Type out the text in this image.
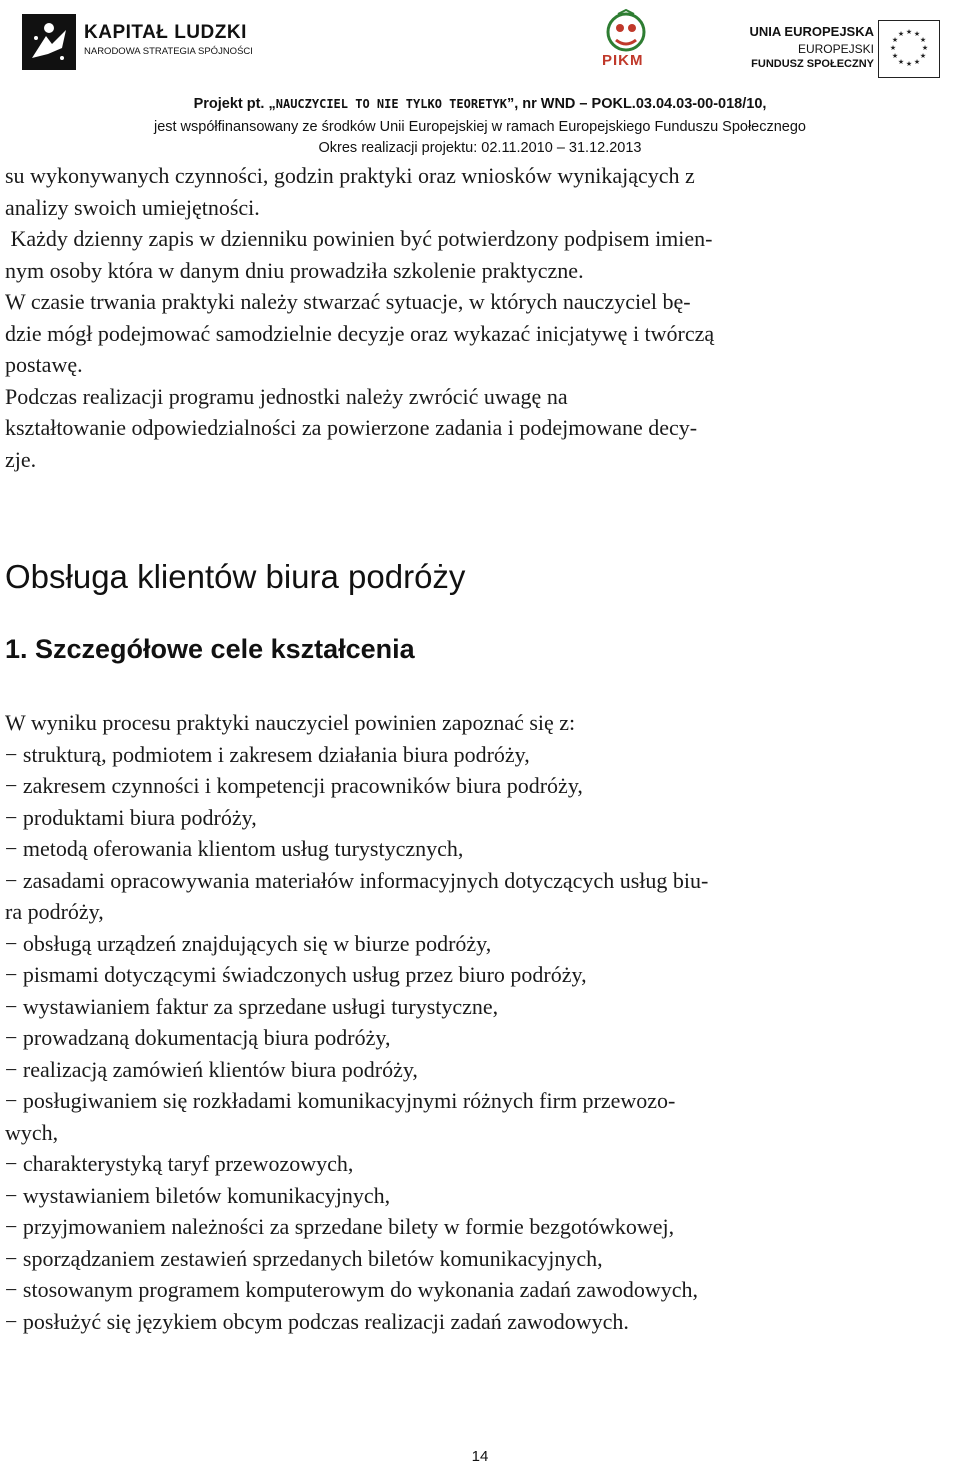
KAPITAŁ LUDZKI
NARODOWA STRATEGIA SPÓJNOŚCI
PIKM
UNIA EUROPEJSKA
EUROPEJSKI
FUNDUSZ SPOŁECZNY
★ ★
★
★
★
★
★
★
★
★
★
★
Projekt pt. „NAUCZYCIEL TO NIE TYLKO TEORETYK”, nr WND – POKL.03.04.03-00-018/10,
jest współfinansowany ze środków Unii Europejskiej w ramach Europejskiego Funduszu Społecznego
Okres realizacji projektu: 02.11.2010 – 31.12.2013

su wykonywanych czynności, godzin praktyki oraz wniosków wynikających z

analizy swoich umiejętności.

Każdy dzienny zapis w dzienniku powinien być potwierdzony podpisem imien-

nym osoby która w danym dniu prowadziła szkolenie praktyczne.

W czasie trwania praktyki należy stwarzać sytuacje, w których nauczyciel bę-

dzie mógł podejmować samodzielnie decyzje oraz wykazać inicjatywę i twórczą

postawę.

Podczas realizacji programu jednostki należy zwrócić uwagę na

kształtowanie odpowiedzialności za powierzone zadania i podejmowane decy-

zje.

Obsługa klientów biura podróży
1. Szczegółowe cele kształcenia

W wyniku procesu praktyki nauczyciel powinien zapoznać się z:

− strukturą, podmiotem i zakresem działania biura podróży,
− zakresem czynności i kompetencji pracowników biura podróży,
− produktami biura podróży,
− metodą oferowania klientom usług turystycznych,
− zasadami opracowywania materiałów informacyjnych dotyczących usług biu-
ra podróży,
− obsługą urządzeń znajdujących się w biurze podróży,
− pismami dotyczącymi świadczonych usług przez biuro podróży,
− wystawianiem faktur za sprzedane usługi turystyczne,
− prowadzaną dokumentacją biura podróży,
− realizacją zamówień klientów biura podróży,
− posługiwaniem się rozkładami komunikacyjnymi różnych firm przewozo-
wych,
− charakterystyką taryf przewozowych,
− wystawianiem biletów komunikacyjnych,
− przyjmowaniem należności za sprzedane bilety w formie bezgotówkowej,
− sporządzaniem zestawień sprzedanych biletów komunikacyjnych,
− stosowanym programem komputerowym do wykonania zadań zawodowych,
− posłużyć się językiem obcym podczas realizacji zadań zawodowych.
14
